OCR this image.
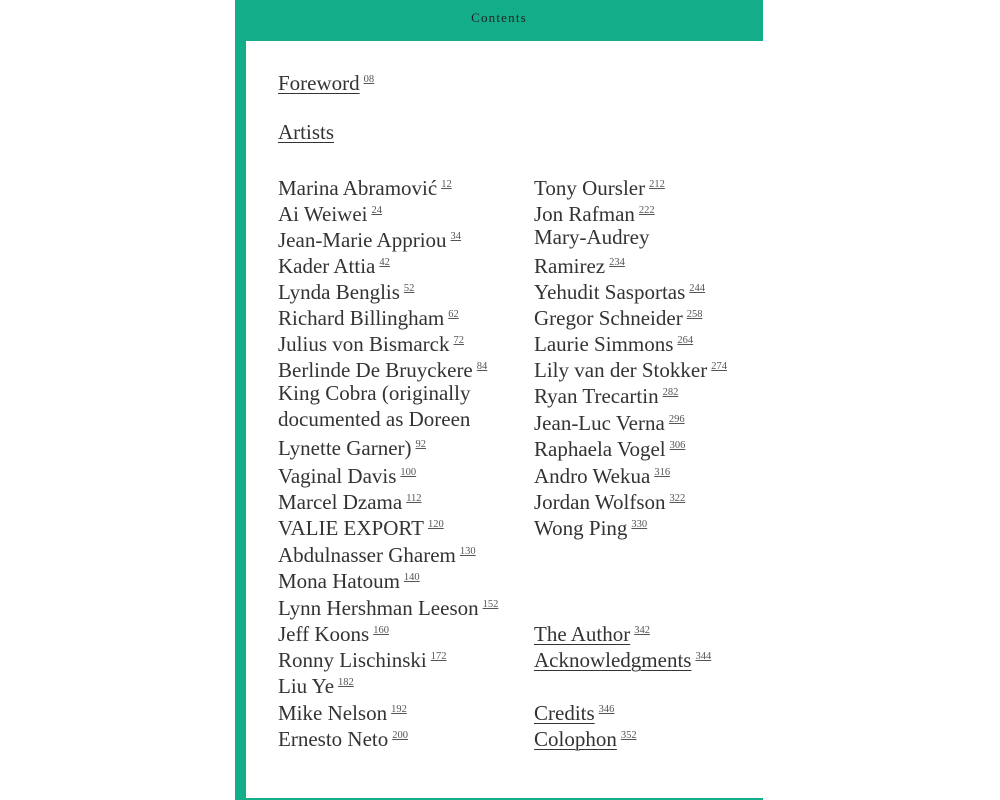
Contents
Foreword $^{08}$
Artists
Marina Abramović $^{12}$
Ai Weiwei $^{24}$
Jean-Marie Appriou $^{34}$
Kader Attia $^{42}$
Lynda Benglis $^{52}$
Richard Billingham $^{62}$
Julius von Bismarck $^{72}$
Berlinde De Bruyckere $^{84}$
King Cobra (originally documented as Doreen Lynette Garner) $^{92}$
Vaginal Davis $^{100}$
Marcel Dzama $^{112}$
VALIE EXPORT $^{120}$
Abdulnasser Gharem $^{130}$
Mona Hatoum $^{140}$
Lynn Hershman Leeson $^{152}$
Jeff Koons $^{160}$
Ronny Lischinski $^{172}$
Liu Ye $^{182}$
Mike Nelson $^{192}$
Ernesto Neto $^{200}$
Tony Oursler $^{212}$
Jon Rafman $^{222}$
Mary-Audrey Ramirez $^{234}$
Yehudit Sasportas $^{244}$
Gregor Schneider $^{258}$
Laurie Simmons $^{264}$
Lily van der Stokker $^{274}$
Ryan Trecartin $^{282}$
Jean-Luc Verna $^{296}$
Raphaela Vogel $^{306}$
Andro Wekua $^{316}$
Jordan Wolfson $^{322}$
Wong Ping $^{330}$
The Author $^{342}$
Acknowledgments $^{344}$
Credits $^{346}$
Colophon $^{352}$
